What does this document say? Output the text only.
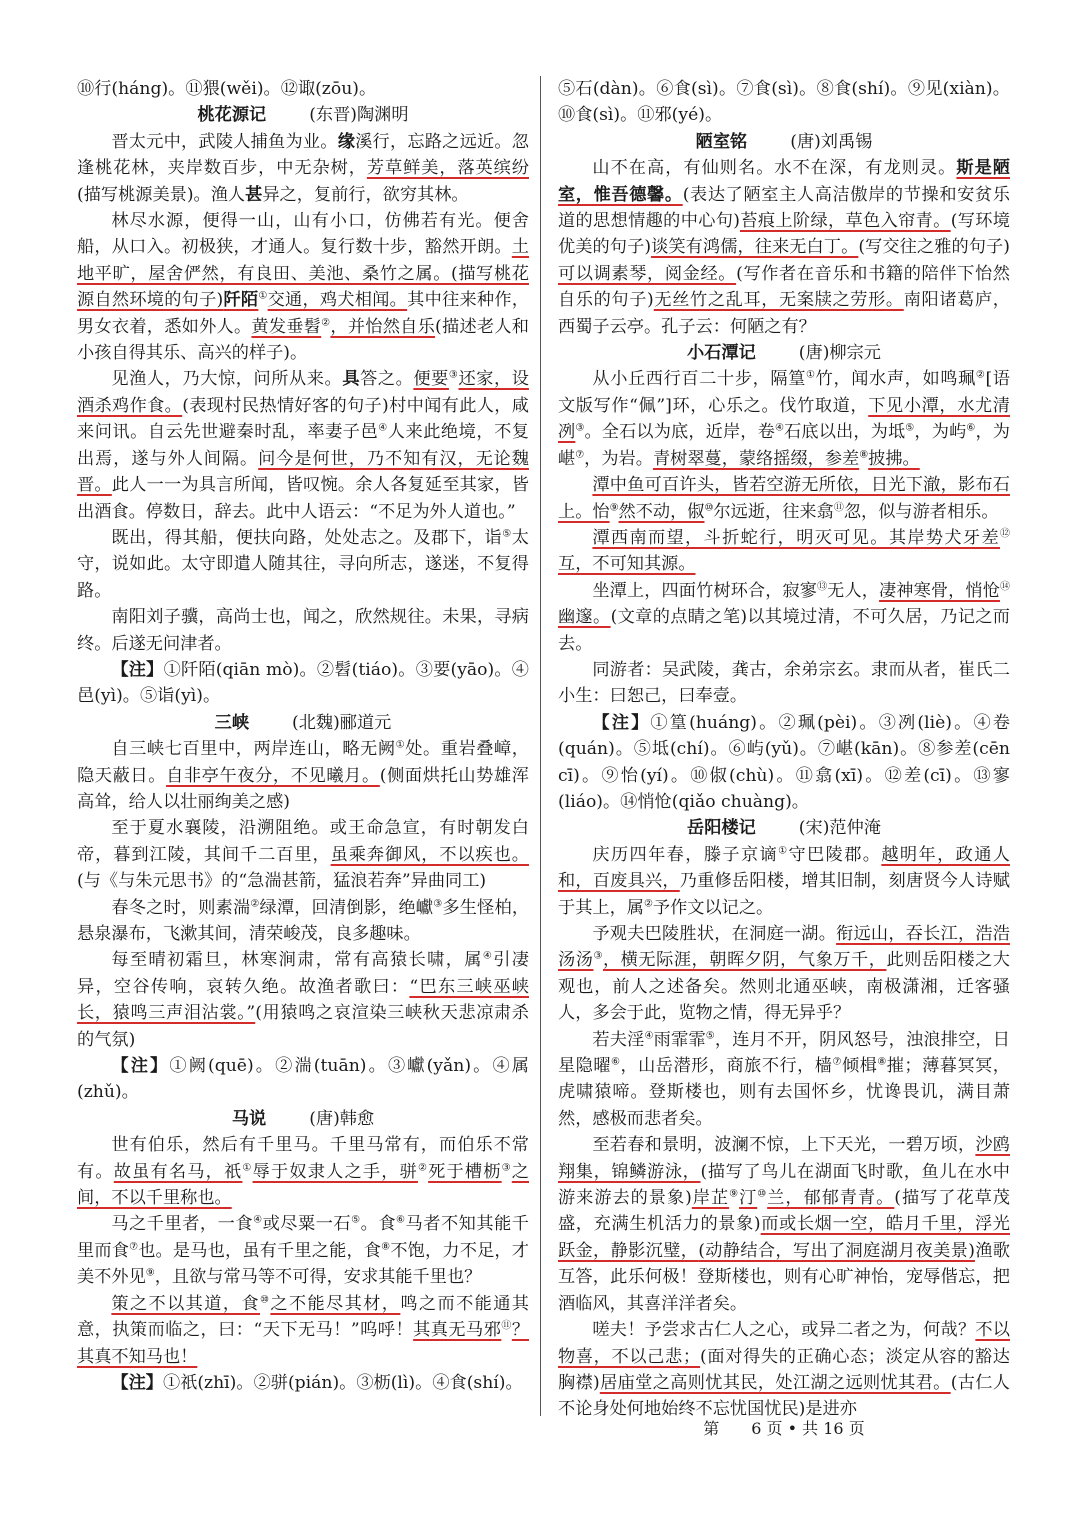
⑩行(háng)。⑪猥(wěi)。⑫诹(zōu)。

桃花源记	(东晋)陶渊明

晋太元中，武陵人捕鱼为业。缘溪行，忘路之远近。忽逢桃花林，夹岸数百步，中无杂树，芳草鲜美，落英缤纷(描写桃源美景)。渔人甚异之，复前行，欲穷其林。

林尽水源，便得一山，山有小口，仿佛若有光。便舍船，从口入。初极狭，才通人。复行数十步，豁然开朗。土地平旷，屋舍俨然，有良田、美池、桑竹之属。(描写桃花源自然环境的句子)阡陌①交通，鸡犬相闻。其中往来种作，男女衣着，悉如外人。黄发垂髫②，并怡然自乐(描述老人和小孩自得其乐、高兴的样子)。

见渔人，乃大惊，问所从来。具答之。便要③还家，设酒杀鸡作食。(表现村民热情好客的句子)村中闻有此人，咸来问讯。自云先世避秦时乱，率妻子邑④人来此绝境，不复出焉，遂与外人间隔。问今是何世，乃不知有汉，无论魏晋。此人一一为具言所闻，皆叹惋。余人各复延至其家，皆出酒食。停数日，辞去。此中人语云：“不足为外人道也。”

既出，得其船，便扶向路，处处志之。及郡下，诣⑤太守，说如此。太守即遣人随其往，寻向所志，遂迷，不复得路。

南阳刘子骥，高尚士也，闻之，欣然规往。未果，寻病终。后遂无问津者。

【注】①阡陌(qiān mò)。②髫(tiáo)。③要(yāo)。④邑(yì)。⑤诣(yì)。

三峡	(北魏)郦道元

自三峡七百里中，两岸连山，略无阙①处。重岩叠嶂，隐天蔽日。自非亭午夜分，不见曦月。(侧面烘托山势雄浑高耸，给人以壮丽绚美之感)

至于夏水襄陵，沿溯阻绝。或王命急宣，有时朝发白帝，暮到江陵，其间千二百里，虽乘奔御风，不以疾也。(与《与朱元思书》的“急湍甚箭，猛浪若奔”异曲同工)

春冬之时，则素湍②绿潭，回清倒影，绝巘③多生怪柏，悬泉瀑布，飞漱其间，清荣峻茂，良多趣味。

每至晴初霜旦，林寒涧肃，常有高猿长啸，属④引凄异，空谷传响，哀转久绝。故渔者歌曰：“巴东三峡巫峡长，猿鸣三声泪沾裳。”(用猿鸣之哀渲染三峡秋天悲凉肃杀的气氛)

【注】①阙(quē)。②湍(tuān)。③巘(yǎn)。④属(zhǔ)。

马说	(唐)韩愈

世有伯乐，然后有千里马。千里马常有，而伯乐不常有。故虽有名马，祇①辱于奴隶人之手，骈②死于槽枥③之间，不以千里称也。

马之千里者，一食④或尽粟一石⑤。食⑥马者不知其能千里而食⑦也。是马也，虽有千里之能，食⑧不饱，力不足，才美不外见⑨，且欲与常马等不可得，安求其能千里也？

策之不以其道，食⑩之不能尽其材，鸣之而不能通其意，执策而临之，曰：“天下无马！”呜呼！其真无马邪⑪？其真不知马也！

【注】①祇(zhī)。②骈(pián)。③枥(lì)。④食(shí)。

⑤石(dàn)。⑥食(sì)。⑦食(sì)。⑧食(shí)。⑨见(xiàn)。⑩食(sì)。⑪邪(yé)。

陋室铭	(唐)刘禹锡

山不在高，有仙则名。水不在深，有龙则灵。斯是陋室，惟吾德馨。(表达了陋室主人高洁傲岸的节操和安贫乐道的思想情趣的中心句)苔痕上阶绿，草色入帘青。(写环境优美的句子)谈笑有鸿儒，往来无白丁。(写交往之雅的句子)可以调素琴，阅金经。(写作者在音乐和书籍的陪伴下怡然自乐的句子)无丝竹之乱耳，无案牍之劳形。南阳诸葛庐，西蜀子云亭。孔子云：何陋之有？

小石潭记	(唐)柳宗元

从小丘西行百二十步，隔篁①竹，闻水声，如鸣珮②[语文版写作“佩”]环，心乐之。伐竹取道，下见小潭，水尤清冽③。全石以为底，近岸，卷④石底以出，为坻⑤，为屿⑥，为嵁⑦，为岩。青树翠蔓，蒙络摇缀，参差⑧披拂。

潭中鱼可百许头，皆若空游无所依，日光下澈，影布石上。怡⑨然不动，俶⑩尔远逝，往来翕⑪忽，似与游者相乐。

潭西南而望，斗折蛇行，明灭可见。其岸势犬牙差⑫互，不可知其源。

坐潭上，四面竹树环合，寂寥⑬无人，凄神寒骨，悄怆⑭幽邃。(文章的点睛之笔)以其境过清，不可久居，乃记之而去。

同游者：吴武陵，龚古，余弟宗玄。隶而从者，崔氏二小生：曰恕己，曰奉壹。

【注】①篁(huáng)。②珮(pèi)。③冽(liè)。④卷(quán)。⑤坻(chí)。⑥屿(yǔ)。⑦嵁(kān)。⑧参差(cēn cī)。⑨怡(yí)。⑩俶(chù)。⑪翕(xī)。⑫差(cī)。⑬寥(liáo)。⑭悄怆(qiǎo chuàng)。

岳阳楼记	(宋)范仲淹

庆历四年春，滕子京谪①守巴陵郡。越明年，政通人和，百废具兴，乃重修岳阳楼，增其旧制，刻唐贤今人诗赋于其上，属②予作文以记之。

予观夫巴陵胜状，在洞庭一湖。衔远山，吞长江，浩浩汤汤③，横无际涯，朝晖夕阴，气象万千，此则岳阳楼之大观也，前人之述备矣。然则北通巫峡，南极潇湘，迁客骚人，多会于此，览物之情，得无异乎？

若夫淫④雨霏霏⑤，连月不开，阴风怒号，浊浪排空，日星隐曜⑥，山岳潜形，商旅不行，樯⑦倾楫⑧摧；薄暮冥冥，虎啸猿啼。登斯楼也，则有去国怀乡，忧谗畏讥，满目萧然，感极而悲者矣。

至若春和景明，波澜不惊，上下天光，一碧万顷，沙鸥翔集，锦鳞游泳，(描写了鸟儿在湖面飞时歌，鱼儿在水中游来游去的景象)岸芷⑨汀⑩兰，郁郁青青。(描写了花草茂盛，充满生机活力的景象)而或长烟一空，皓月千里，浮光跃金，静影沉璧，(动静结合，写出了洞庭湖月夜美景)渔歌互答，此乐何极！登斯楼也，则有心旷神怡，宠辱偕忘，把酒临风，其喜洋洋者矣。

嗟夫！予尝求古仁人之心，或异二者之为，何哉？不以物喜，不以己悲；(面对得失的正确心态；淡定从容的豁达胸襟)居庙堂之高则忧其民，处江湖之远则忧其君。(古仁人不论身处何地始终不忘忧国忧民)是进亦

第　　6 页 • 共 16 页
